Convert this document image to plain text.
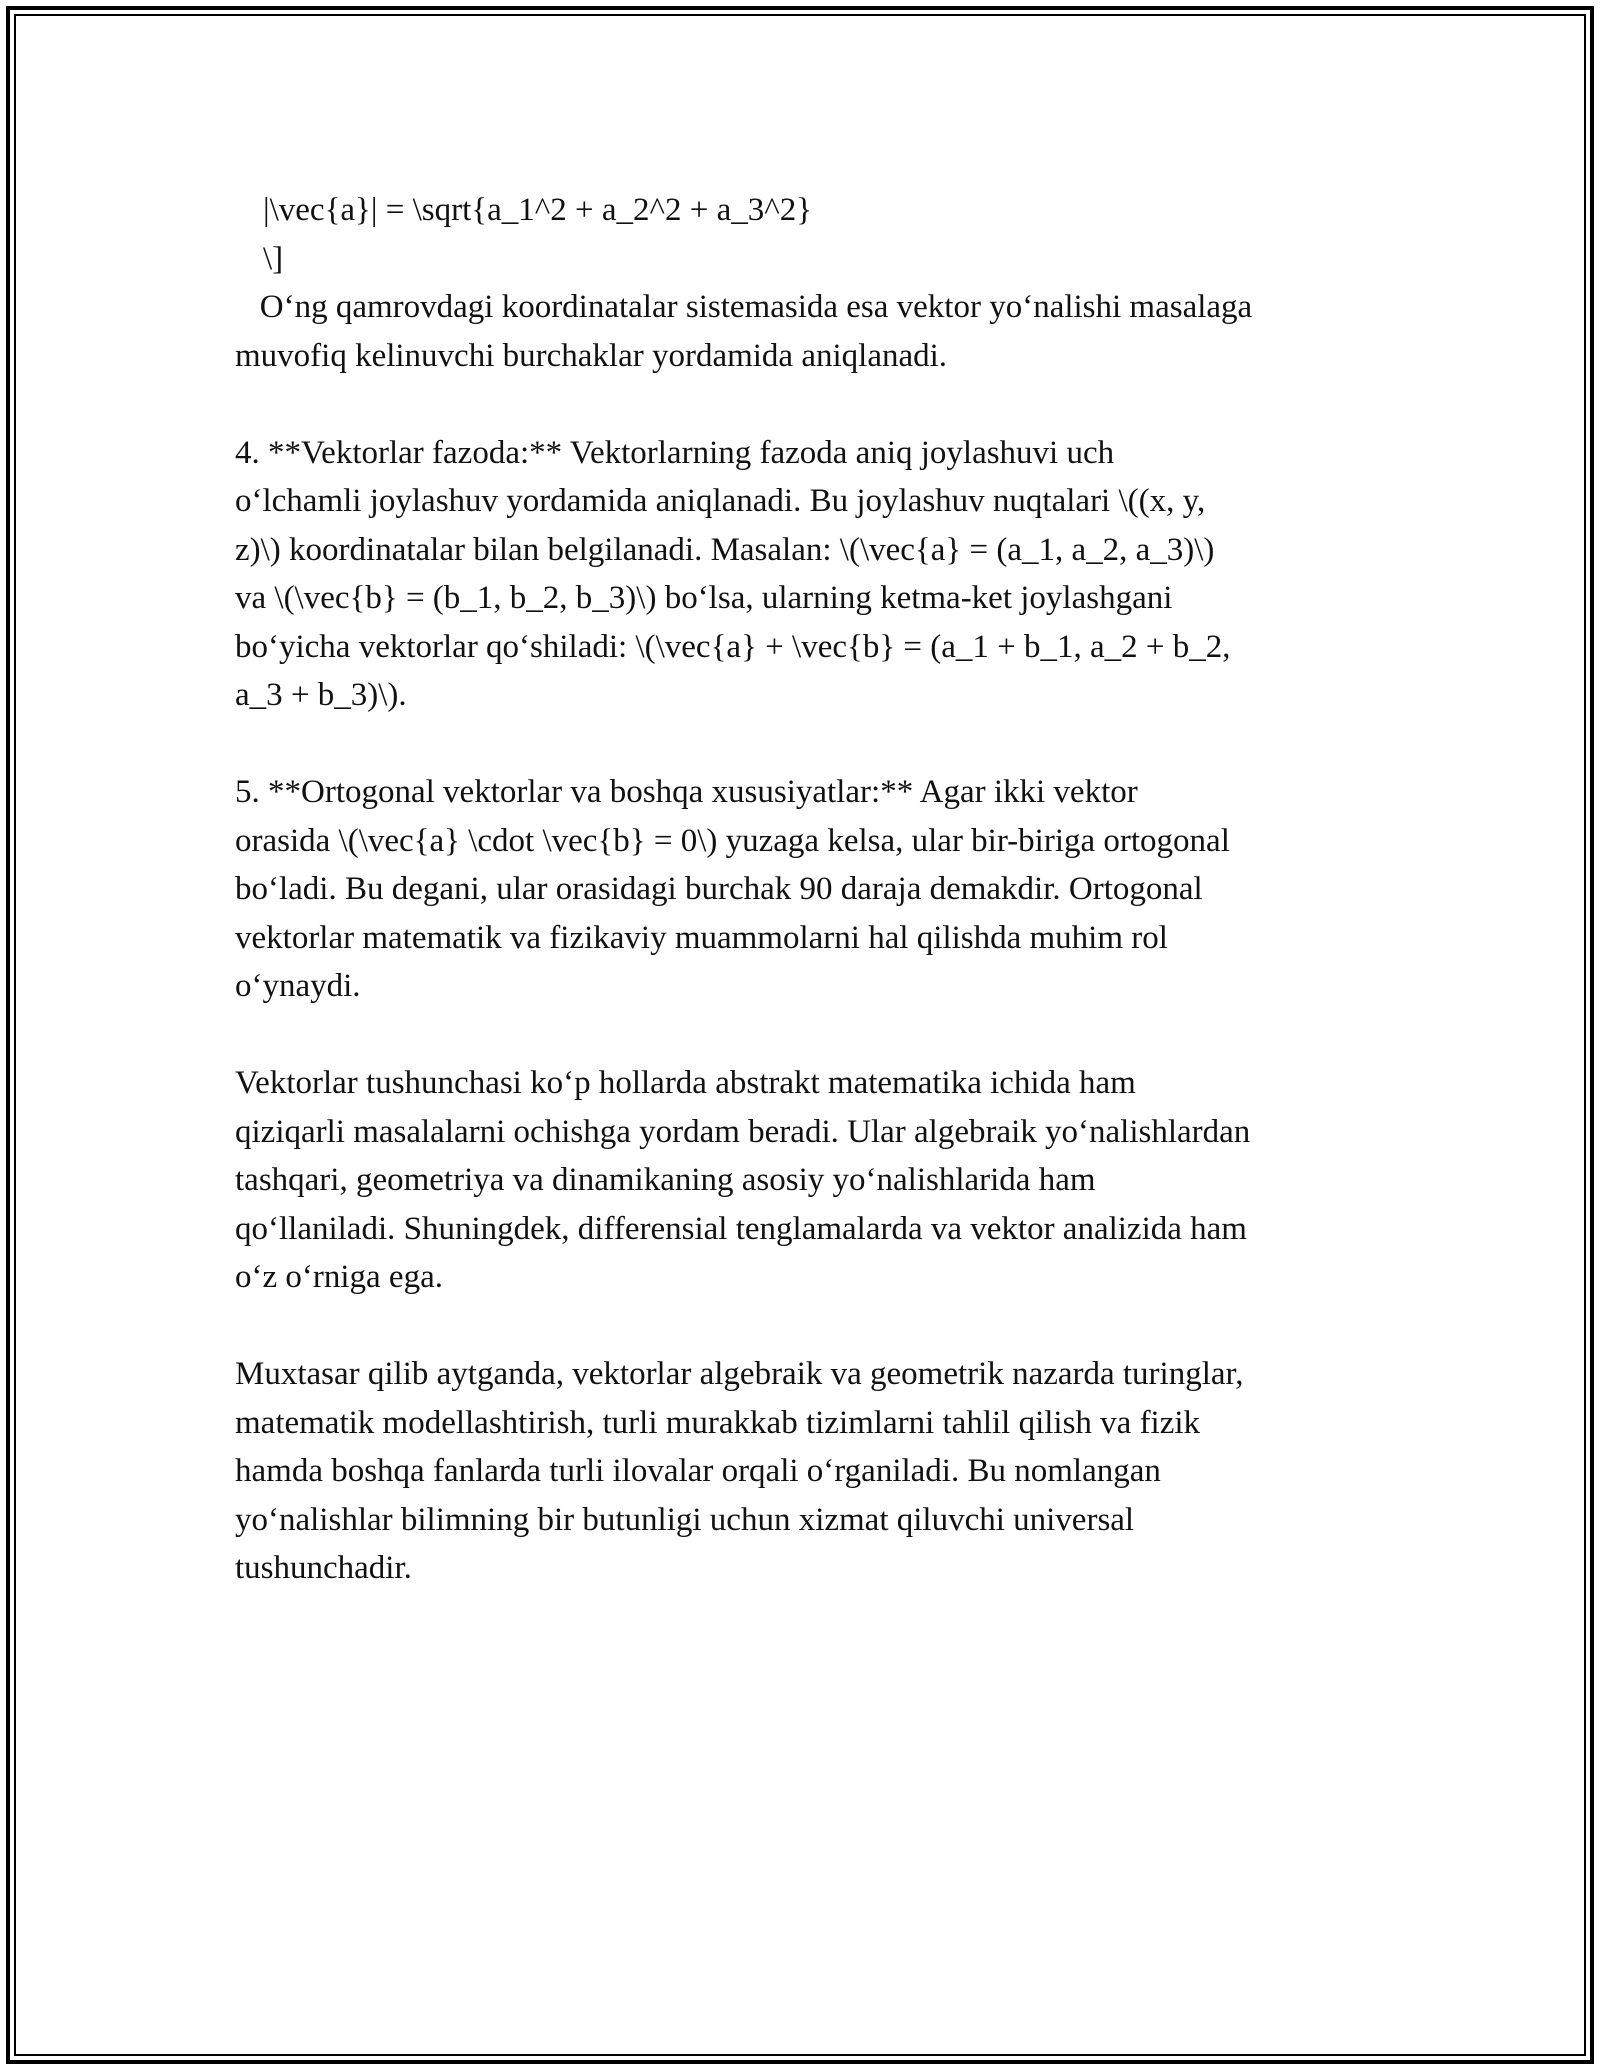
|\vec{a}| = \sqrt{a_1^2 + a_2^2 + a_3^2}
\]
O‘ng qamrovdagi koordinatalar sistemasida esa vektor yo‘nalishi masalaga
muvofiq kelinuvchi burchaklar yordamida aniqlanadi.
4. **Vektorlar fazoda:** Vektorlarning fazoda aniq joylashuvi uch
o‘lchamli joylashuv yordamida aniqlanadi. Bu joylashuv nuqtalari \((x, y,
z)\) koordinatalar bilan belgilanadi. Masalan: \(\vec{a} = (a_1, a_2, a_3)\)
va \(\vec{b} = (b_1, b_2, b_3)\) bo‘lsa, ularning ketma-ket joylashgani
bo‘yicha vektorlar qo‘shiladi: \(\vec{a} + \vec{b} = (a_1 + b_1, a_2 + b_2,
a_3 + b_3)\).
5. **Ortogonal vektorlar va boshqa xususiyatlar:** Agar ikki vektor
orasida \(\vec{a} \cdot \vec{b} = 0\) yuzaga kelsa, ular bir-biriga ortogonal
bo‘ladi. Bu degani, ular orasidagi burchak 90 daraja demakdir. Ortogonal
vektorlar matematik va fizikaviy muammolarni hal qilishda muhim rol
o‘ynaydi.
Vektorlar tushunchasi ko‘p hollarda abstrakt matematika ichida ham
qiziqarli masalalarni ochishga yordam beradi. Ular algebraik yo‘nalishlardan
tashqari, geometriya va dinamikaning asosiy yo‘nalishlarida ham
qo‘llaniladi. Shuningdek, differensial tenglamalarda va vektor analizida ham
o‘z o‘rniga ega.
Muxtasar qilib aytganda, vektorlar algebraik va geometrik nazarda turinglar,
matematik modellashtirish, turli murakkab tizimlarni tahlil qilish va fizik
hamda boshqa fanlarda turli ilovalar orqali o‘rganiladi. Bu nomlangan
yo‘nalishlar bilimning bir butunligi uchun xizmat qiluvchi universal
tushunchadir.
